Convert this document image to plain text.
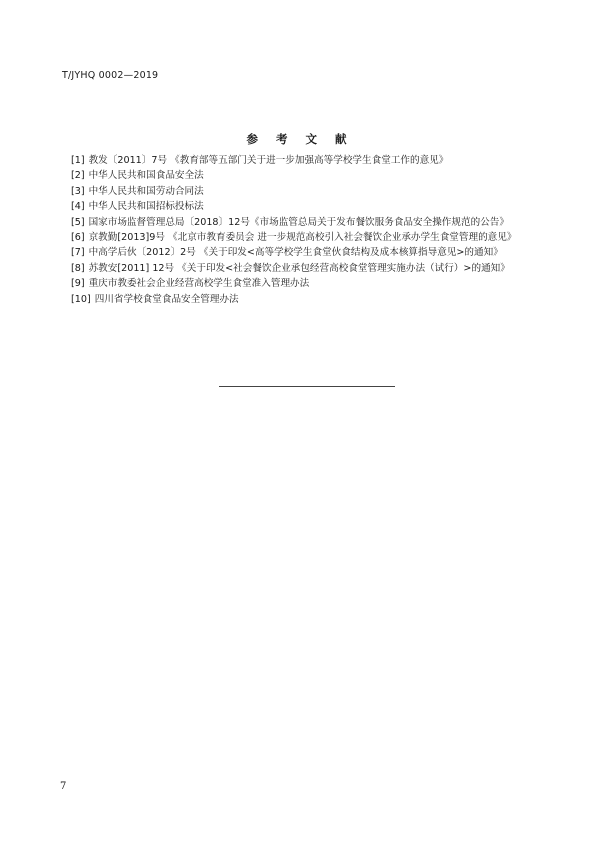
T/JYHQ 0002—2019
参 考 文 献
[1] 教发〔2011〕7号 《教育部等五部门关于进一步加强高等学校学生食堂工作的意见》
[2] 中华人民共和国食品安全法
[3] 中华人民共和国劳动合同法
[4] 中华人民共和国招标投标法
[5] 国家市场监督管理总局〔2018〕12号《市场监管总局关于发布餐饮服务食品安全操作规范的公告》
[6] 京教勤[2013]9号 《北京市教育委员会 进一步规范高校引入社会餐饮企业承办学生食堂管理的意见》
[7] 中高学后伙〔2012〕2号 《关于印发<高等学校学生食堂伙食结构及成本核算指导意见>的通知》
[8] 苏教安[2011] 12号 《关于印发<社会餐饮企业承包经营高校食堂管理实施办法（试行）>的通知》
[9] 重庆市教委社会企业经营高校学生食堂准入管理办法
[10] 四川省学校食堂食品安全管理办法
7
